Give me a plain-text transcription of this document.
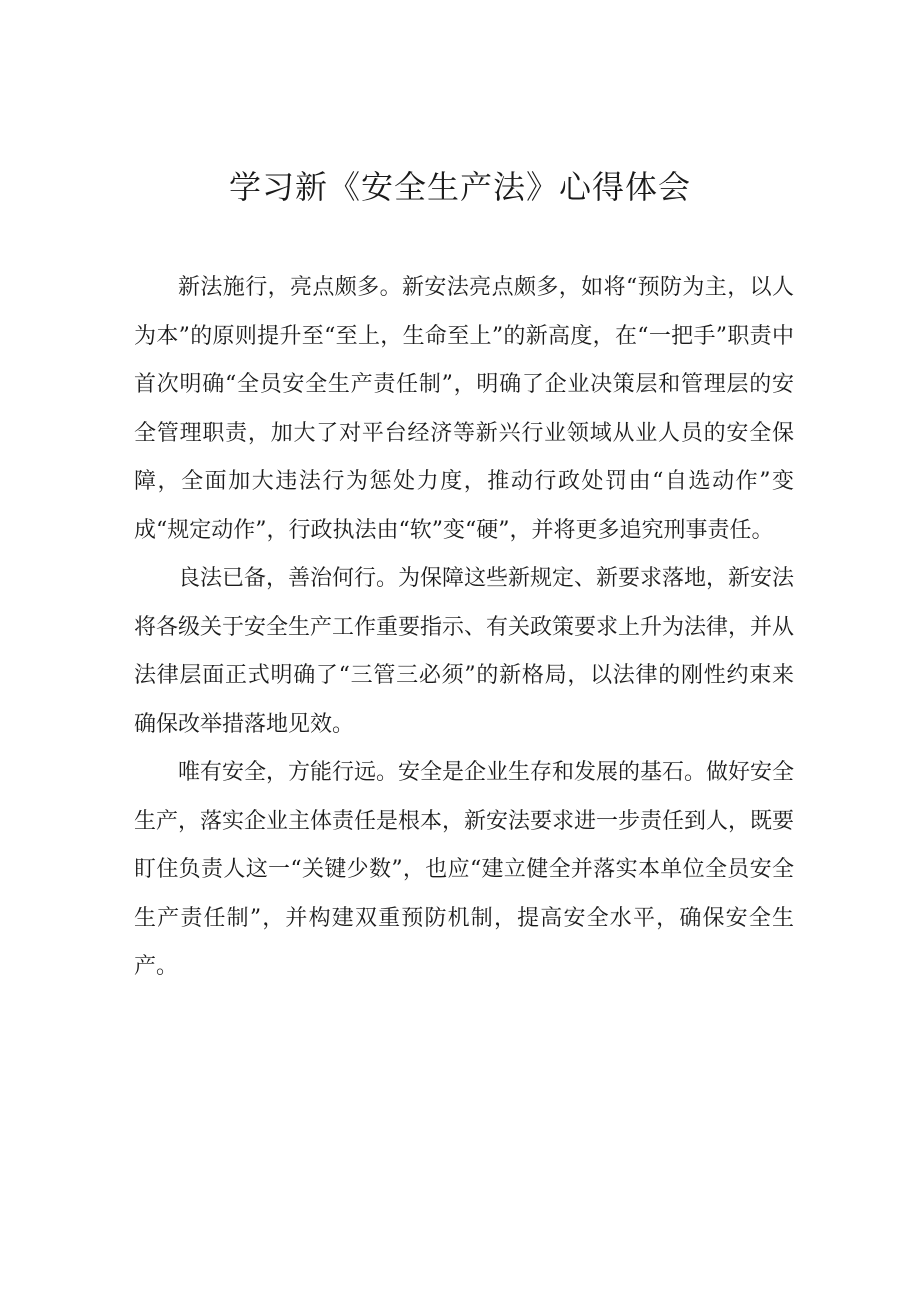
学习新《安全生产法》心得体会

新法施行，亮点颇多。新安法亮点颇多，如将“预防为主，以人为本”的原则提升至“至上，生命至上”的新高度，在“一把手”职责中首次明确“全员安全生产责任制”，明确了企业决策层和管理层的安全管理职责，加大了对平台经济等新兴行业领域从业人员的安全保障，全面加大违法行为惩处力度，推动行政处罚由“自选动作”变成“规定动作”，行政执法由“软”变“硬”，并将更多追究刑事责任。

良法已备，善治何行。为保障这些新规定、新要求落地，新安法将各级关于安全生产工作重要指示、有关政策要求上升为法律，并从法律层面正式明确了“三管三必须”的新格局，以法律的刚性约束来确保改举措落地见效。

唯有安全，方能行远。安全是企业生存和发展的基石。做好安全生产，落实企业主体责任是根本，新安法要求进一步责任到人，既要盯住负责人这一“关键少数”，也应“建立健全并落实本单位全员安全生产责任制”，并构建双重预防机制，提高安全水平，确保安全生产。
